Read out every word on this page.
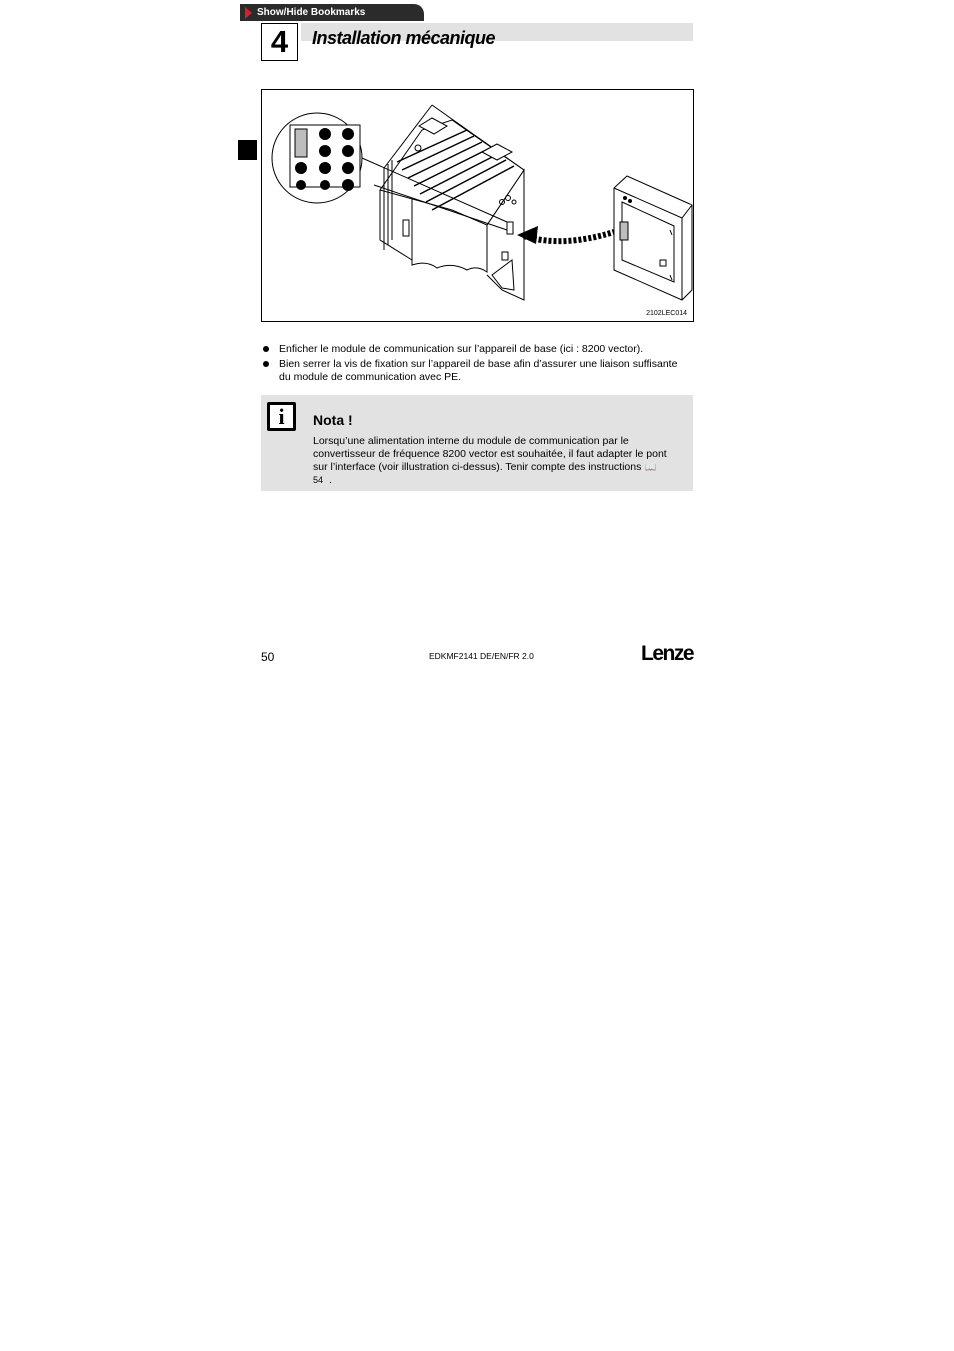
Show/Hide Bookmarks
4	Installation mécanique
2102LEC014
Enficher le module de communication sur l’appareil de base (ici : 8200 vector).
Bien serrer la vis de fixation sur l’appareil de base afin d’assurer une liaison suffisante du module de communication avec PE.
i	Nota !
Lorsqu’une alimentation interne du module de communication par le convertisseur de fréquence 8200 vector est souhaitée, il faut adapter le pont sur l’interface (voir illustration ci-dessus). Tenir compte des instructions 📖54 .
50	EDKMF2141 DE/EN/FR 2.0	Lenze
